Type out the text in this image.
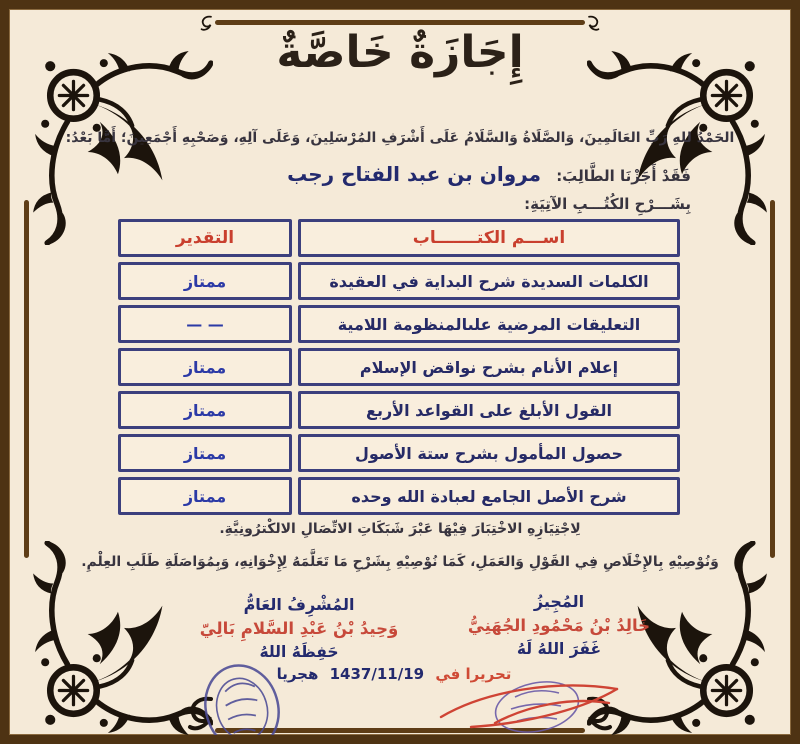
إِجَازَةٌ خَاصَّةٌ

الحَمْدُ للهِ رَبِّ العَالَمِينَ، وَالصَّلَاةُ وَالسَّلَامُ عَلَى أَشْرَفِ المُرْسَلِينَ، وَعَلَى آلِهِ، وَصَحْبِهِ أَجْمَعِينَ؛ أَمَّا بَعْدُ:

فَقَدْ أَجَزْنَا الطَّالِبَ: مروان بن عبد الفتاح رجب
بِشَـــرْحِ الكُتُـــبِ الآتِيَةِ:
اســـم الكتـــــــاب
التقدير
الكلمات السديدة شرح البداية في العقيدة
ممتاز
التعليقات المرضية علىالمنظومة اللامية
— —
إعلام الأنام بشرح نواقض الإسلام
ممتاز
القول الأبلغ على القواعد الأربع
ممتاز
حصول المأمول بشرح ستة الأصول
ممتاز
شرح الأصل الجامع لعبادة الله وحده
ممتاز

لِاجْتِيَازِهِ الاخْتِبَارَ فِيْهَا عَبْرَ شَبَكَاتِ الاتِّصَالِ الالكْترُونِيَّةِ.

وَنُوْصِيْهِ بِالإِخْلَاصِ فِي القَوْلِ وَالعَمَلِ، كَمَا نُوْصِيْهِ بِشَرْحِ مَا تَعَلَّمَهُ لِإِخْوَانِهِ، وَبِمُوَاصَلَةِ طَلَبِ العِلْمِ.

المُجِيزُ
خَالِدُ بْنُ مَحْمُودِ الجُهَنِيُّ
غَفَرَ اللهُ لَهُ
المُشْرِفُ العَامُّ
وَحِيدُ بْنُ عَبْدِ السَّلامِ بَالِيّ
حَفِظَهُ اللهُ
تحريرا في 1437/11/19 هجريا
